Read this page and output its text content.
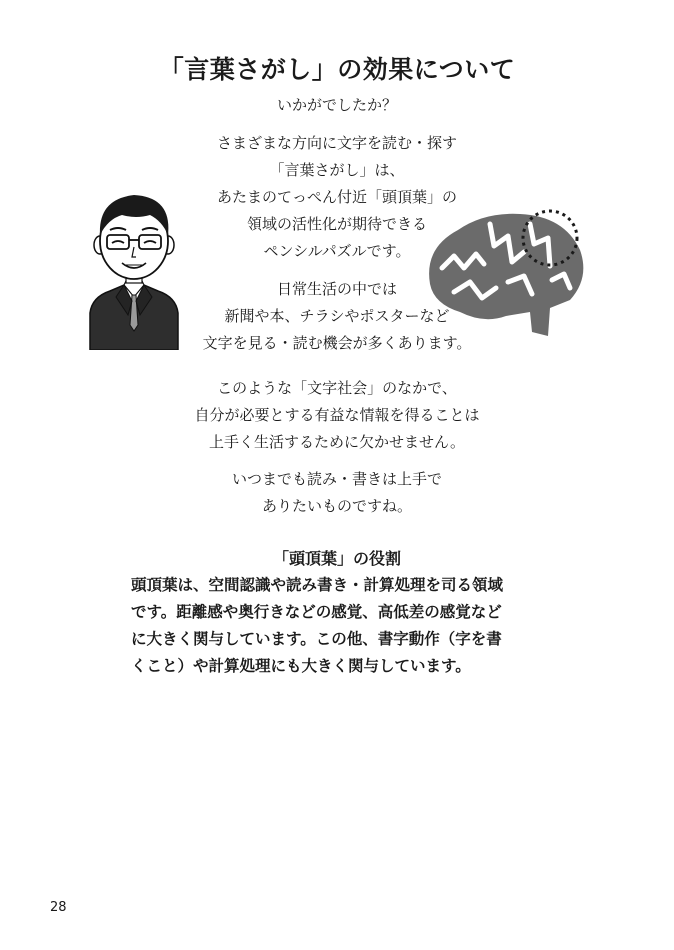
「言葉さがし」の効果について

いかがでしたか？

さまざまな方向に文字を読む・探す

「言葉さがし」は、

あたまのてっぺん付近「頭頂葉」の

領域の活性化が期待できる

ペンシルパズルです。

日常生活の中では

新聞や本、チラシやポスターなど

文字を見る・読む機会が多くあります。

このような「文字社会」のなかで、

自分が必要とする有益な情報を得ることは

上手く生活するために欠かせません。

いつまでも読み・書きは上手で

ありたいものですね。

「頭頂葉」の役割

頭頂葉は、空間認識や読み書き・計算処理を司る領域

です。距離感や奥行きなどの感覚、高低差の感覚など

に大きく関与しています。この他、書字動作（字を書

くこと）や計算処理にも大きく関与しています。

28
